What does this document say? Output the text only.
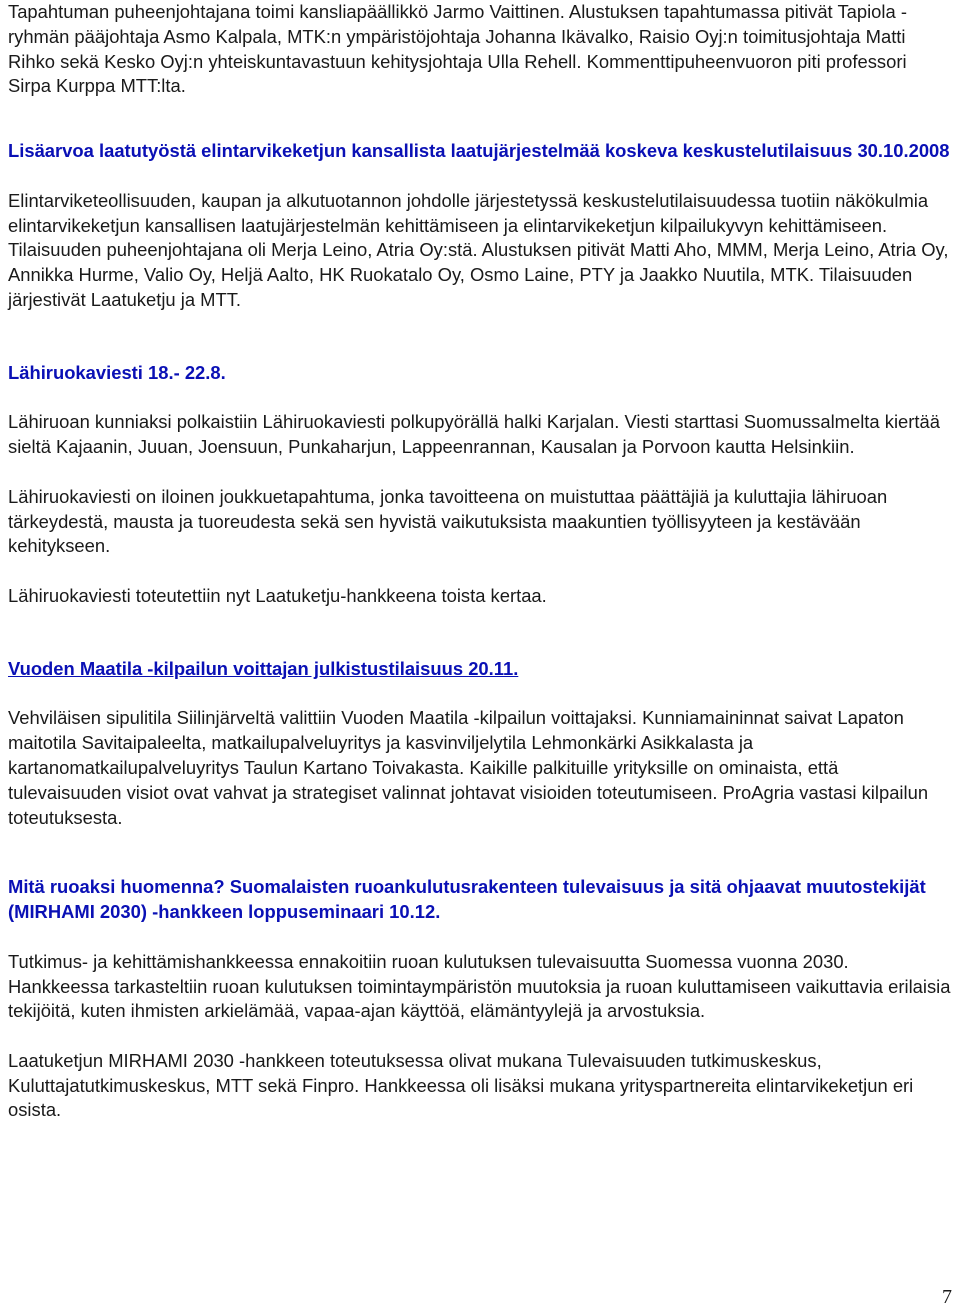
Tapahtuman puheenjohtajana toimi kansliapäällikkö Jarmo Vaittinen. Alustuksen tapahtumassa pitivät Tapiola -ryhmän pääjohtaja Asmo Kalpala, MTK:n ympäristöjohtaja Johanna Ikävalko, Raisio Oyj:n toimitusjohtaja Matti Rihko sekä Kesko Oyj:n yhteiskuntavastuun kehitysjohtaja Ulla Rehell. Kommenttipuheenvuoron piti professori Sirpa Kurppa MTT:lta.

Lisäarvoa laatutyöstä elintarvikeketjun kansallista laatujärjestelmää koskeva keskustelutilaisuus 30.10.2008

Elintarviketeollisuuden, kaupan ja alkutuotannon johdolle järjestetyssä keskustelutilaisuudessa tuotiin näkökulmia elintarvikeketjun kansallisen laatujärjestelmän kehittämiseen ja elintarvikeketjun kilpailukyvyn kehittämiseen. Tilaisuuden puheenjohtajana oli Merja Leino, Atria Oy:stä. Alustuksen pitivät Matti Aho, MMM, Merja Leino, Atria Oy, Annikka Hurme, Valio Oy, Heljä Aalto, HK Ruokatalo Oy, Osmo Laine, PTY ja Jaakko Nuutila, MTK. Tilaisuuden järjestivät Laatuketju ja MTT.

Lähiruokaviesti 18.- 22.8.

Lähiruoan kunniaksi polkaistiin Lähiruokaviesti polkupyörällä halki Karjalan. Viesti starttasi Suomussalmelta kiertää sieltä Kajaanin, Juuan, Joensuun, Punkaharjun, Lappeenrannan, Kausalan ja Porvoon kautta Helsinkiin.

Lähiruokaviesti on iloinen joukkuetapahtuma, jonka tavoitteena on muistuttaa päättäjiä ja kuluttajia lähiruoan tärkeydestä, mausta ja tuoreudesta sekä sen hyvistä vaikutuksista maakuntien työllisyyteen ja kestävään kehitykseen.

Lähiruokaviesti toteutettiin nyt Laatuketju-hankkeena toista kertaa.

Vuoden Maatila -kilpailun voittajan julkistustilaisuus 20.11.

Vehviläisen sipulitila Siilinjärveltä valittiin Vuoden Maatila -kilpailun voittajaksi. Kunniamaininnat saivat Lapaton maitotila Savitaipaleelta, matkailupalveluyritys ja kasvinviljelytila Lehmonkärki Asikkalasta ja kartanomatkailupalveluyritys Taulun Kartano Toivakasta. Kaikille palkituille yrityksille on ominaista, että tulevaisuuden visiot ovat vahvat ja strategiset valinnat johtavat visioiden toteutumiseen. ProAgria vastasi kilpailun toteutuksesta.

Mitä ruoaksi huomenna? Suomalaisten ruoankulutusrakenteen tulevaisuus ja sitä ohjaavat muutostekijät (MIRHAMI 2030) -hankkeen loppuseminaari 10.12.

Tutkimus- ja kehittämishankkeessa ennakoitiin ruoan kulutuksen tulevaisuutta Suomessa vuonna 2030. Hankkeessa tarkasteltiin ruoan kulutuksen toimintaympäristön muutoksia ja ruoan kuluttamiseen vaikuttavia erilaisia tekijöitä, kuten ihmisten arkielämää, vapaa-ajan käyttöä, elämäntyylejä ja arvostuksia.

Laatuketjun MIRHAMI 2030 -hankkeen toteutuksessa olivat mukana Tulevaisuuden tutkimuskeskus, Kuluttajatutkimuskeskus, MTT sekä Finpro. Hankkeessa oli lisäksi mukana yrityspartnereita elintarvikeketjun eri osista.

7
